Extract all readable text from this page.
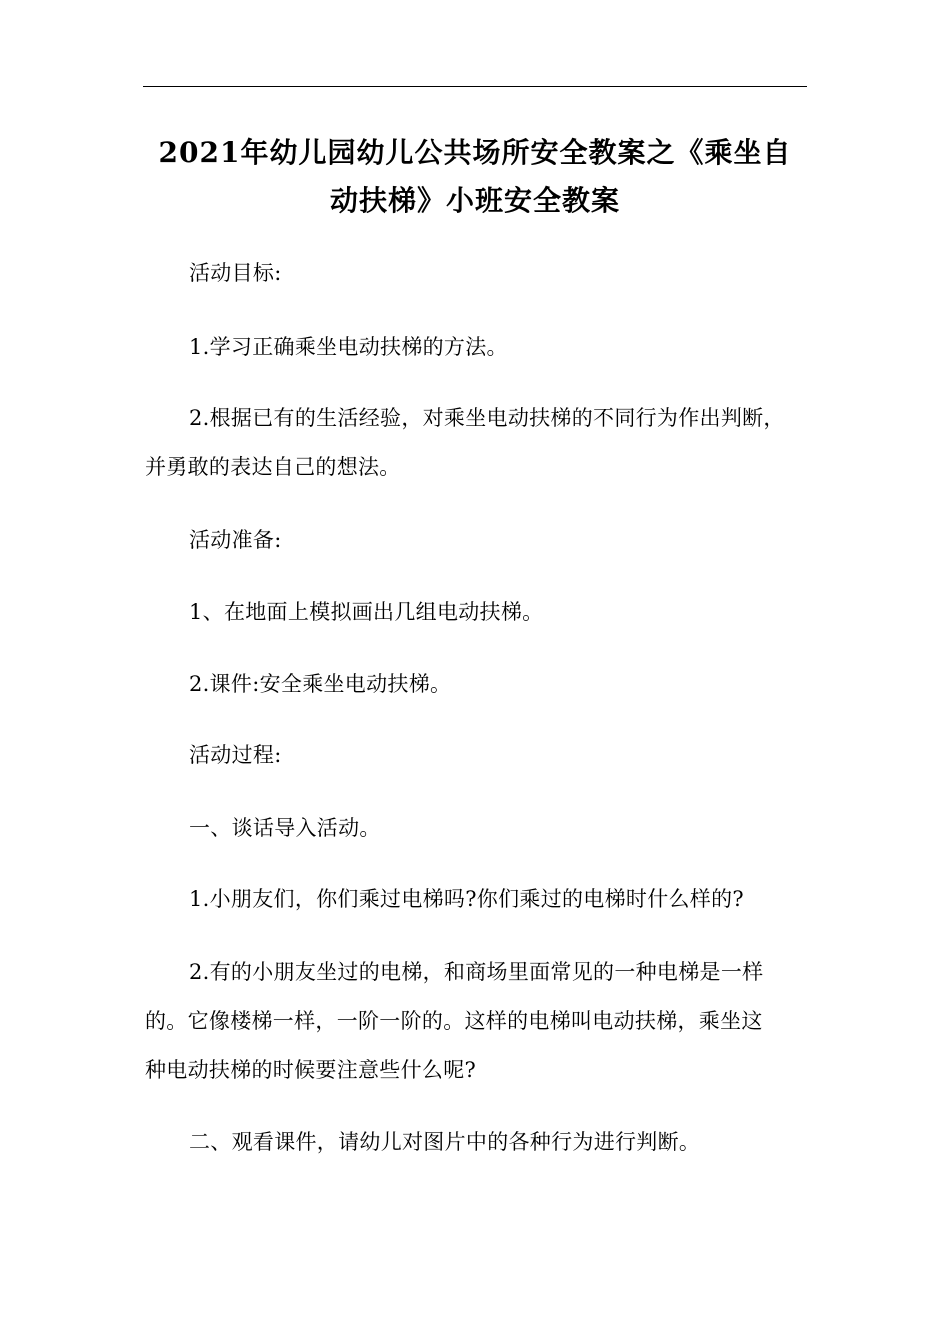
2021年幼儿园幼儿公共场所安全教案之《乘坐自
动扶梯》小班安全教案
活动目标:
1.学习正确乘坐电动扶梯的方法。
2.根据已有的生活经验，对乘坐电动扶梯的不同行为作出判断，
并勇敢的表达自己的想法。
活动准备:
1、在地面上模拟画出几组电动扶梯。
2.课件:安全乘坐电动扶梯。
活动过程:
一、谈话导入活动。
1.小朋友们，你们乘过电梯吗?你们乘过的电梯时什么样的?
2.有的小朋友坐过的电梯，和商场里面常见的一种电梯是一样
的。它像楼梯一样，一阶一阶的。这样的电梯叫电动扶梯，乘坐这
种电动扶梯的时候要注意些什么呢?
二、观看课件，请幼儿对图片中的各种行为进行判断。
